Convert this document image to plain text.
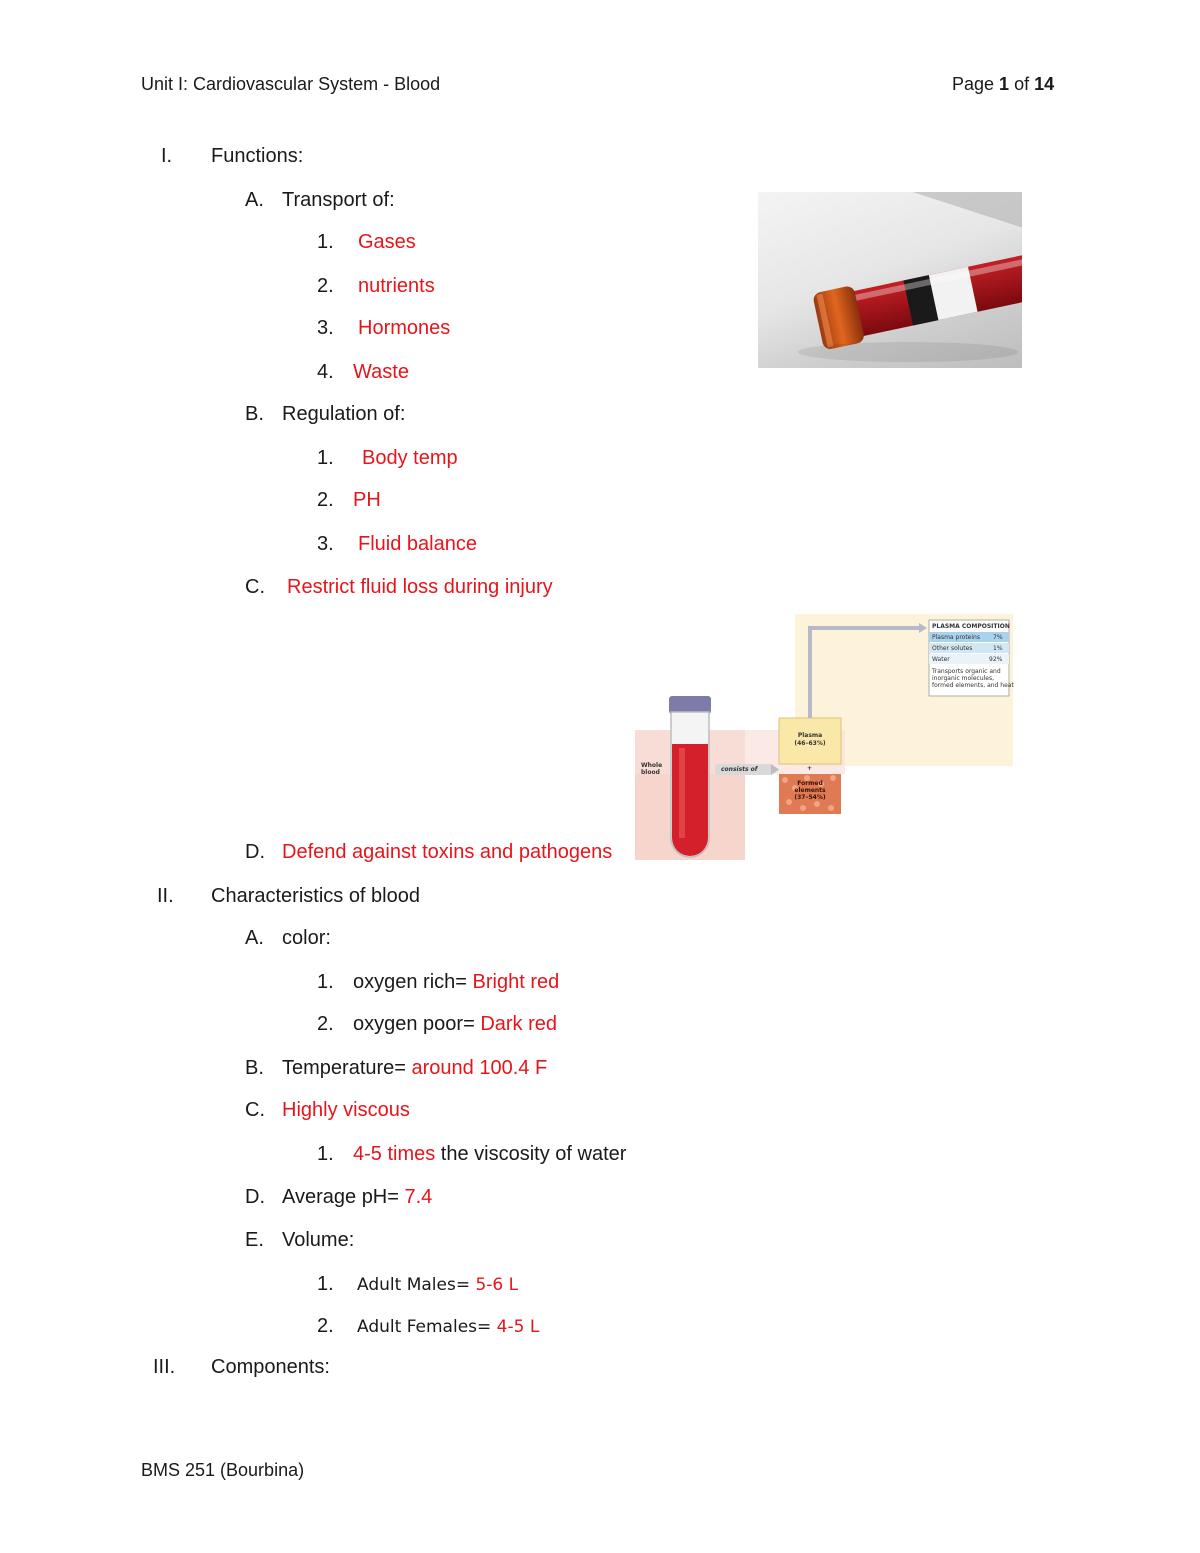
Unit I: Cardiovascular System - Blood	Page 1 of 14
I. Functions:
A. Transport of:
1. Gases
2. nutrients
3. Hormones
4. Waste
B. Regulation of:
1. Body temp
2. PH
3. Fluid balance
C. Restrict fluid loss during injury
D. Defend against toxins and pathogens
II. Characteristics of blood
A. color:
1. oxygen rich= Bright red
2. oxygen poor= Dark red
B. Temperature= around 100.4 F
C. Highly viscous
1. 4-5 times the viscosity of water
D. Average pH= 7.4
E. Volume:
1. Adult Males= 5-6 L
2. Adult Females= 4-5 L
III. Components:
BMS 251 (Bourbina)
Whole
blood	consists of
Plasma
(46–63%)
+
Formed
elements
(37–54%)
PLASMA COMPOSITION
Plasma proteins 7%
Other solutes	1%
Water	92%
Transports organic and
inorganic molecules,
formed elements, and heat
